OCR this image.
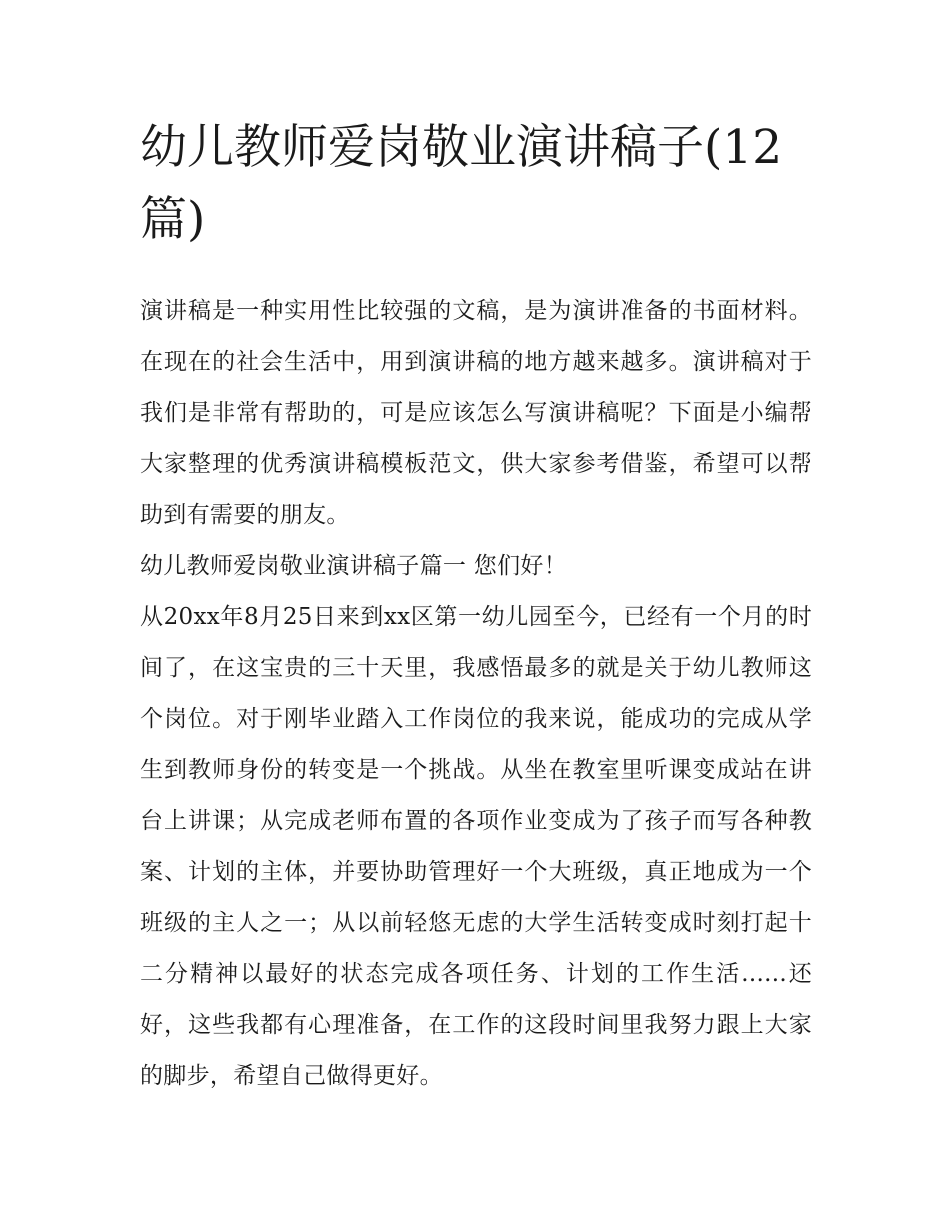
幼儿教师爱岗敬业演讲稿子(12篇)

演讲稿是一种实用性比较强的文稿，是为演讲准备的书面材料。在现在的社会生活中，用到演讲稿的地方越来越多。演讲稿对于我们是非常有帮助的，可是应该怎么写演讲稿呢？下面是小编帮大家整理的优秀演讲稿模板范文，供大家参考借鉴，希望可以帮助到有需要的朋友。

幼儿教师爱岗敬业演讲稿子篇一 您们好！

从20xx年8月25日来到xx区第一幼儿园至今，已经有一个月的时间了，在这宝贵的三十天里，我感悟最多的就是关于幼儿教师这个岗位。对于刚毕业踏入工作岗位的我来说，能成功的完成从学生到教师身份的转变是一个挑战。从坐在教室里听课变成站在讲台上讲课；从完成老师布置的各项作业变成为了孩子而写各种教案、计划的主体，并要协助管理好一个大班级，真正地成为一个班级的主人之一；从以前轻悠无虑的大学生活转变成时刻打起十二分精神以最好的状态完成各项任务、计划的工作生活......还好，这些我都有心理准备，在工作的这段时间里我努力跟上大家的脚步，希望自己做得更好。
